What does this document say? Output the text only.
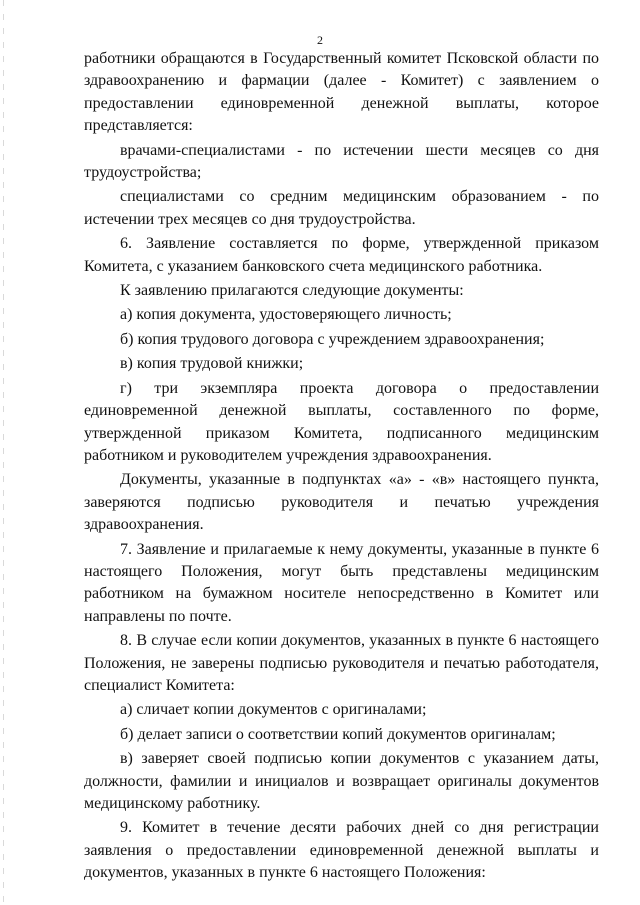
2

работники обращаются в Государственный комитет Псковской области по здравоохранению и фармации (далее - Комитет) с заявлением о предоставлении единовременной денежной выплаты, которое представляется:

врачами-специалистами - по истечении шести месяцев со дня трудоустройства;

специалистами со средним медицинским образованием - по истечении трех месяцев со дня трудоустройства.

6. Заявление составляется по форме, утвержденной приказом Комитета, с указанием банковского счета медицинского работника.

К заявлению прилагаются следующие документы:

а) копия документа, удостоверяющего личность;

б) копия трудового договора с учреждением здравоохранения;

в) копия трудовой книжки;

г) три экземпляра проекта договора о предоставлении единовременной денежной выплаты, составленного по форме, утвержденной приказом Комитета, подписанного медицинским работником и руководителем учреждения здравоохранения.

Документы, указанные в подпунктах «а» - «в» настоящего пункта, заверяются подписью руководителя и печатью учреждения здравоохранения.

7. Заявление и прилагаемые к нему документы, указанные в пункте 6 настоящего Положения, могут быть представлены медицинским работником на бумажном носителе непосредственно в Комитет или направлены по почте.

8. В случае если копии документов, указанных в пункте 6 настоящего Положения, не заверены подписью руководителя и печатью работодателя, специалист Комитета:

а) сличает копии документов с оригиналами;

б) делает записи о соответствии копий документов оригиналам;

в) заверяет своей подписью копии документов с указанием даты, должности, фамилии и инициалов и возвращает оригиналы документов медицинскому работнику.

9. Комитет в течение десяти рабочих дней со дня регистрации заявления о предоставлении единовременной денежной выплаты и документов, указанных в пункте 6 настоящего Положения:
